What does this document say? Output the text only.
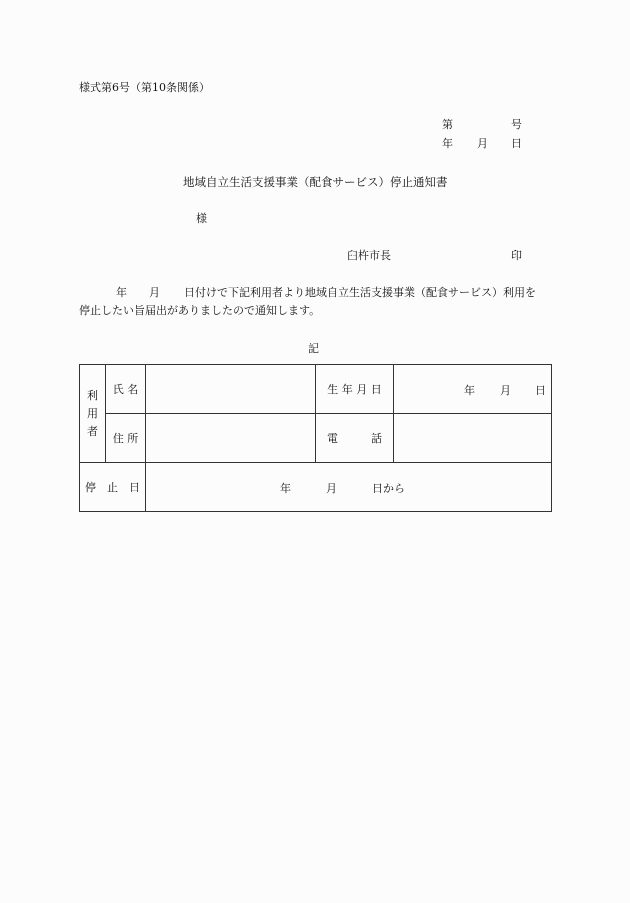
様式第6号（第10条関係）
第	号
年 月 日
地域自立生活支援事業（配食サービス）停止通知書
様
臼杵市長	印
年 月 日付けで下記利用者より地域自立生活支援事業（配食サービス）利用を
停止したい旨届出がありましたので通知します。
記
利
用
者	氏 名		生 年 月 日	年 月 日

	住 所		電　　　話	
停　止　日		年 月 日から		
